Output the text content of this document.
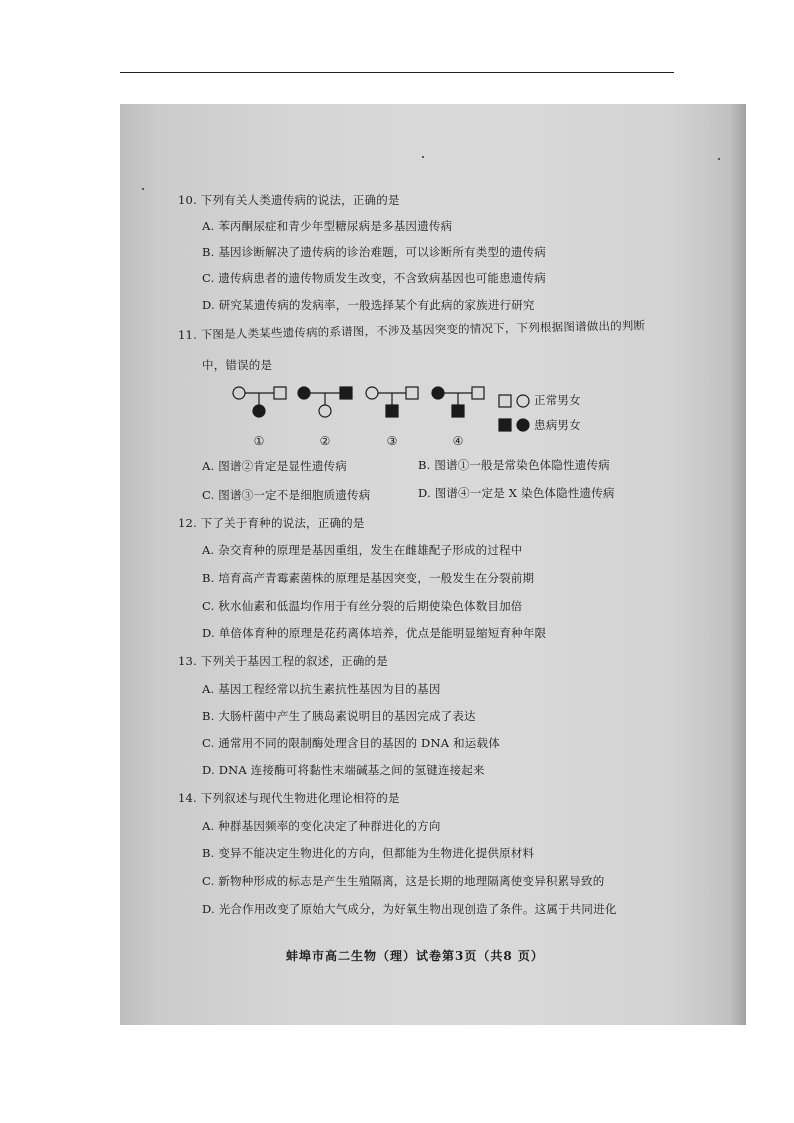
10. 下列有关人类遗传病的说法，正确的是
A. 苯丙酮尿症和青少年型糖尿病是多基因遗传病
B. 基因诊断解决了遗传病的诊治难题，可以诊断所有类型的遗传病
C. 遗传病患者的遗传物质发生改变，不含致病基因也可能患遗传病
D. 研究某遗传病的发病率，一般选择某个有此病的家族进行研究
11. 下图是人类某些遗传病的系谱图，不涉及基因突变的情况下，下列根据图谱做出的判断
中，错误的是
①	②	③	④
正常男女
患病男女
A. 图谱②肯定是显性遗传病	B. 图谱①一般是常染色体隐性遗传病
C. 图谱③一定不是细胞质遗传病	D. 图谱④一定是 X 染色体隐性遗传病
12. 下了关于育种的说法，正确的是
A. 杂交育种的原理是基因重组，发生在雌雄配子形成的过程中
B. 培育高产青霉素菌株的原理是基因突变，一般发生在分裂前期
C. 秋水仙素和低温均作用于有丝分裂的后期使染色体数目加倍
D. 单倍体育种的原理是花药离体培养，优点是能明显缩短育种年限
13. 下列关于基因工程的叙述，正确的是
A. 基因工程经常以抗生素抗性基因为目的基因
B. 大肠杆菌中产生了胰岛素说明目的基因完成了表达
C. 通常用不同的限制酶处理含目的基因的 DNA 和运载体
D. DNA 连接酶可将黏性末端碱基之间的氢键连接起来
14. 下列叙述与现代生物进化理论相符的是
A. 种群基因频率的变化决定了种群进化的方向
B. 变异不能决定生物进化的方向，但都能为生物进化提供原材料
C. 新物种形成的标志是产生生殖隔离，这是长期的地理隔离使变异积累导致的
D. 光合作用改变了原始大气成分，为好氧生物出现创造了条件。这属于共同进化
蚌埠市高二生物（理）试卷第3页（共8 页）
